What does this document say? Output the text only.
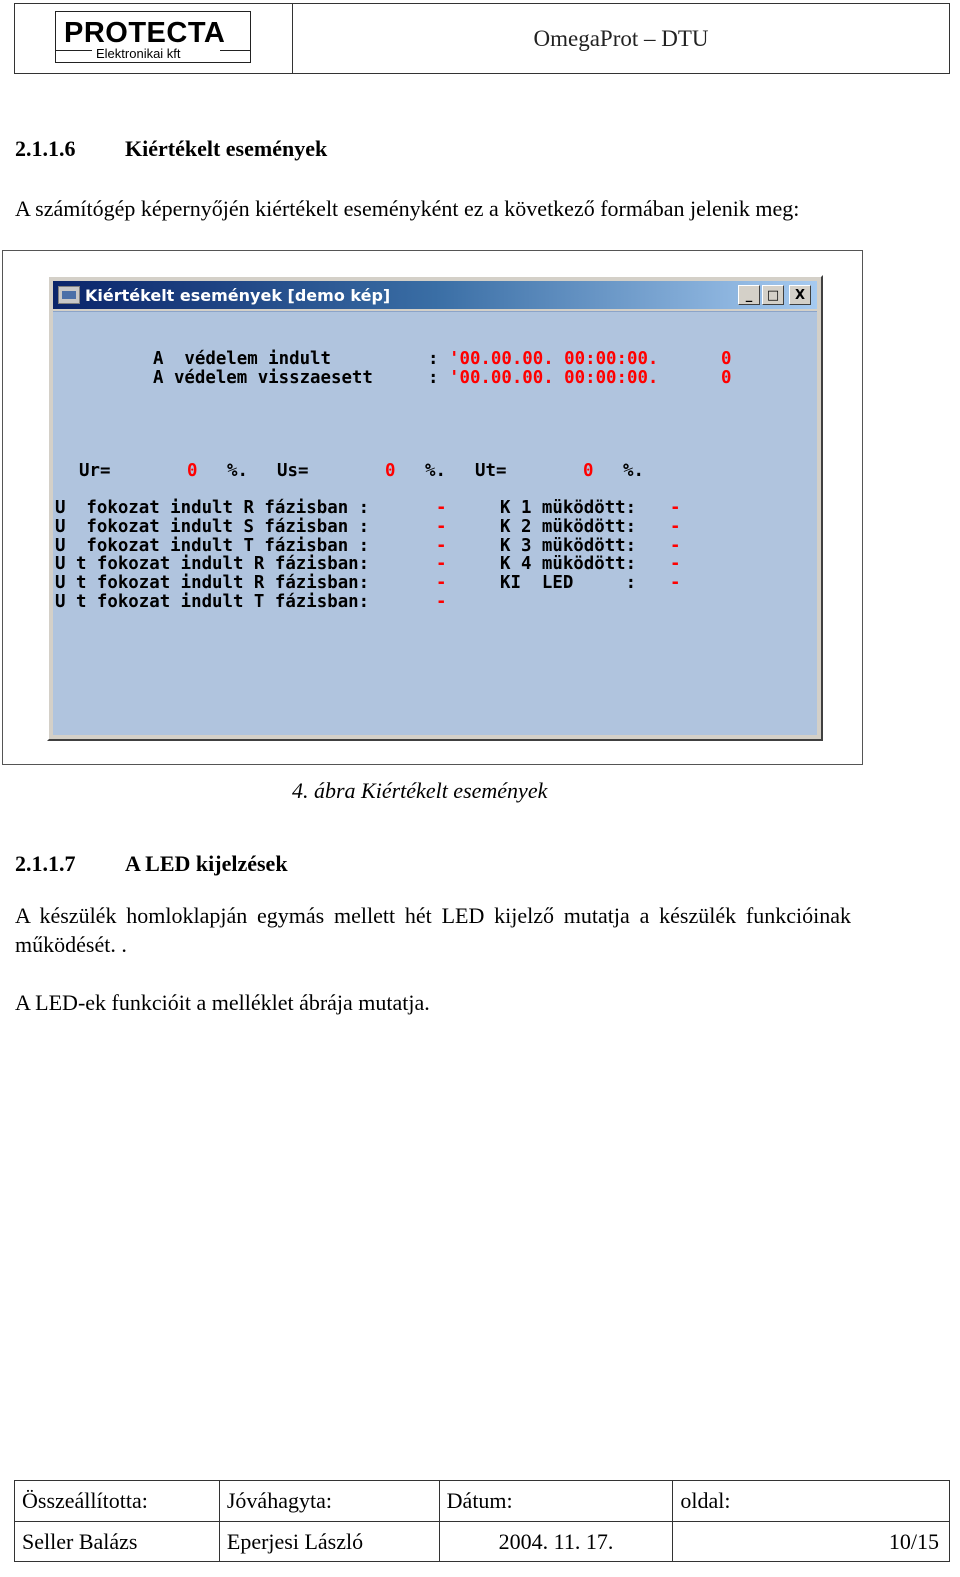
PROTECTA
Elektronikai kft
OmegaProt – DTU
2.1.1.6 Kiértékelt események
A számítógép képernyőjén kiértékelt eseményként ez a következő formában jelenik meg:
Kiértékelt események [demo kép]	_	□	X
A  védelem indult	: '00.00.00. 00:00:00.	0
A védelem visszaesett	: '00.00.00. 00:00:00.	0
Ur=	0 %. Us=	0 %. Ut=	0 %.
U  fokozat indult R fázisban :	-
U  fokozat indult S fázisban :	-
U  fokozat indult T fázisban :	-
U t fokozat indult R fázisban:	-
U t fokozat indult R fázisban:	-
U t fokozat indult T fázisban:	-
K 1 müködött: -
K 2 müködött: -
K 3 müködött: -
K 4 müködött: -
KI  LED     : -
4. ábra Kiértékelt események
2.1.1.7 A LED kijelzések
A készülék homloklapján egymás mellett hét LED kijelző mutatja a készülék funkcióinak működését. .
A LED-ek funkcióit a melléklet ábrája mutatja.
Összeállította:	Jóváhagyta:	Dátum:	oldal:
Seller Balázs	Eperjesi László	2004. 11. 17.	10/15
